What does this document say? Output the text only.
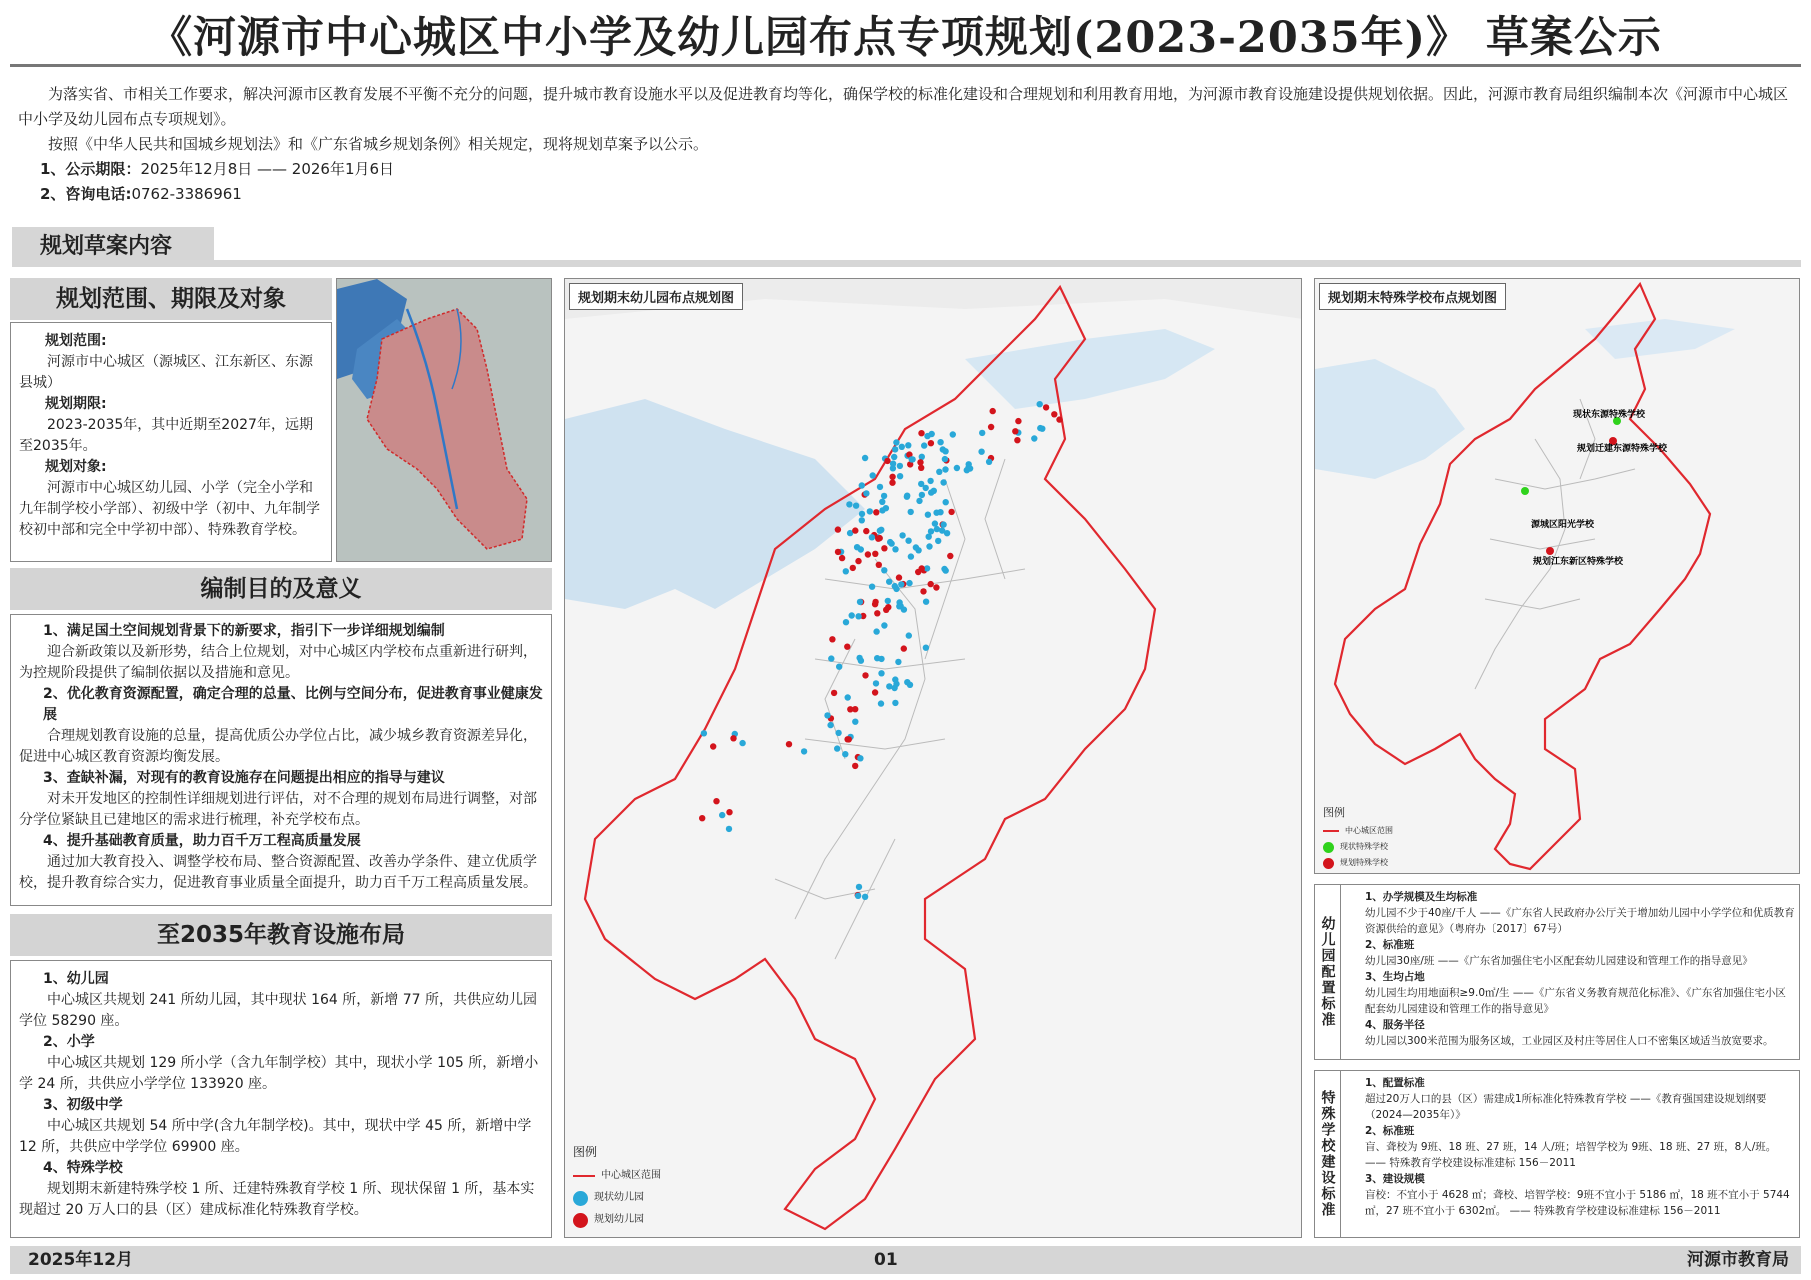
《河源市中心城区中小学及幼儿园布点专项规划(2023-2035年)》 草案公示

为落实省、市相关工作要求，解决河源市区教育发展不平衡不充分的问题，提升城市教育设施水平以及促进教育均等化，确保学校的标准化建设和合理规划和利用教育用地，为河源市教育设施建设提供规划依据。因此，河源市教育局组织编制本次《河源市中心城区中小学及幼儿园布点专项规划》。

按照《中华人民共和国城乡规划法》和《广东省城乡规划条例》相关规定，现将规划草案予以公示。

1、公示期限：2025年12月8日 —— 2026年1月6日

2、咨询电话:0762-3386961

规划草案内容
规划范围、期限及对象
规划范围:
河源市中心城区（源城区、江东新区、东源县城）
规划期限:
2023-2035年，其中近期至2027年，远期至2035年。
规划对象:
河源市中心城区幼儿园、小学（完全小学和九年制学校小学部）、初级中学（初中、九年制学校初中部和完全中学初中部）、特殊教育学校。
编制目的及意义
1、满足国土空间规划背景下的新要求，指引下一步详细规划编制
迎合新政策以及新形势，结合上位规划，对中心城区内学校布点重新进行研判，为控规阶段提供了编制依据以及措施和意见。
2、优化教育资源配置，确定合理的总量、比例与空间分布，促进教育事业健康发展
合理规划教育设施的总量，提高优质公办学位占比，减少城乡教育资源差异化，促进中心城区教育资源均衡发展。
3、查缺补漏，对现有的教育设施存在问题提出相应的指导与建议
对未开发地区的控制性详细规划进行评估，对不合理的规划布局进行调整，对部分学位紧缺且已建地区的需求进行梳理，补充学校布点。
4、提升基础教育质量，助力百千万工程高质量发展
通过加大教育投入、调整学校布局、整合资源配置、改善办学条件、建立优质学校，提升教育综合实力，促进教育事业质量全面提升，助力百千万工程高质量发展。
至2035年教育设施布局
1、幼儿园
中心城区共规划 241 所幼儿园，其中现状 164 所，新增 77 所，共供应幼儿园学位 58290 座。
2、小学
中心城区共规划 129 所小学（含九年制学校）其中，现状小学 105 所，新增小学 24 所，共供应小学学位 133920 座。
3、初级中学
中心城区共规划 54 所中学(含九年制学校)。其中，现状中学 45 所，新增中学 12 所，共供应中学学位 69900 座。
4、特殊学校
规划期末新建特殊学校 1 所、迁建特殊教育学校 1 所、现状保留 1 所，基本实现超过 20 万人口的县（区）建成标准化特殊教育学校。
规划期末幼儿园布点规划图
图例
中心城区范围
现状幼儿园
规划幼儿园
现状东源特殊学校
规划迁建东源特殊学校
源城区阳光学校
规划江东新区特殊学校
规划期末特殊学校布点规划图
图例
中心城区范围
现状特殊学校
规划特殊学校
幼儿园配置标准
1、办学规模及生均标准
幼儿园不少于40座/千人 ——《广东省人民政府办公厅关于增加幼儿园中小学学位和优质教育资源供给的意见》（粤府办〔2017〕67号）
2、标准班
幼儿园30座/班 ——《广东省加强住宅小区配套幼儿园建设和管理工作的指导意见》
3、生均占地
幼儿园生均用地面积≥9.0㎡/生 ——《广东省义务教育规范化标准》、《广东省加强住宅小区配套幼儿园建设和管理工作的指导意见》
4、服务半径
幼儿园以300米范围为服务区域，工业园区及村庄等居住人口不密集区域适当放宽要求。
特殊学校建设标准
1、配置标准
超过20万人口的县（区）需建成1所标准化特殊教育学校 ——《教育强国建设规划纲要（2024—2035年）》
2、标准班
盲、聋校为 9班、18 班、27 班，14 人/班；培智学校为 9班、18 班、27 班，8人/班。 —— 特殊教育学校建设标准建标 156－2011
3、建设规模
盲校：不宜小于 4628 ㎡；聋校、培智学校：9班不宜小于 5186 ㎡，18 班不宜小于 5744 ㎡，27 班不宜小于 6302㎡。 —— 特殊教育学校建设标准建标 156－2011
2025年12月	01	河源市教育局
